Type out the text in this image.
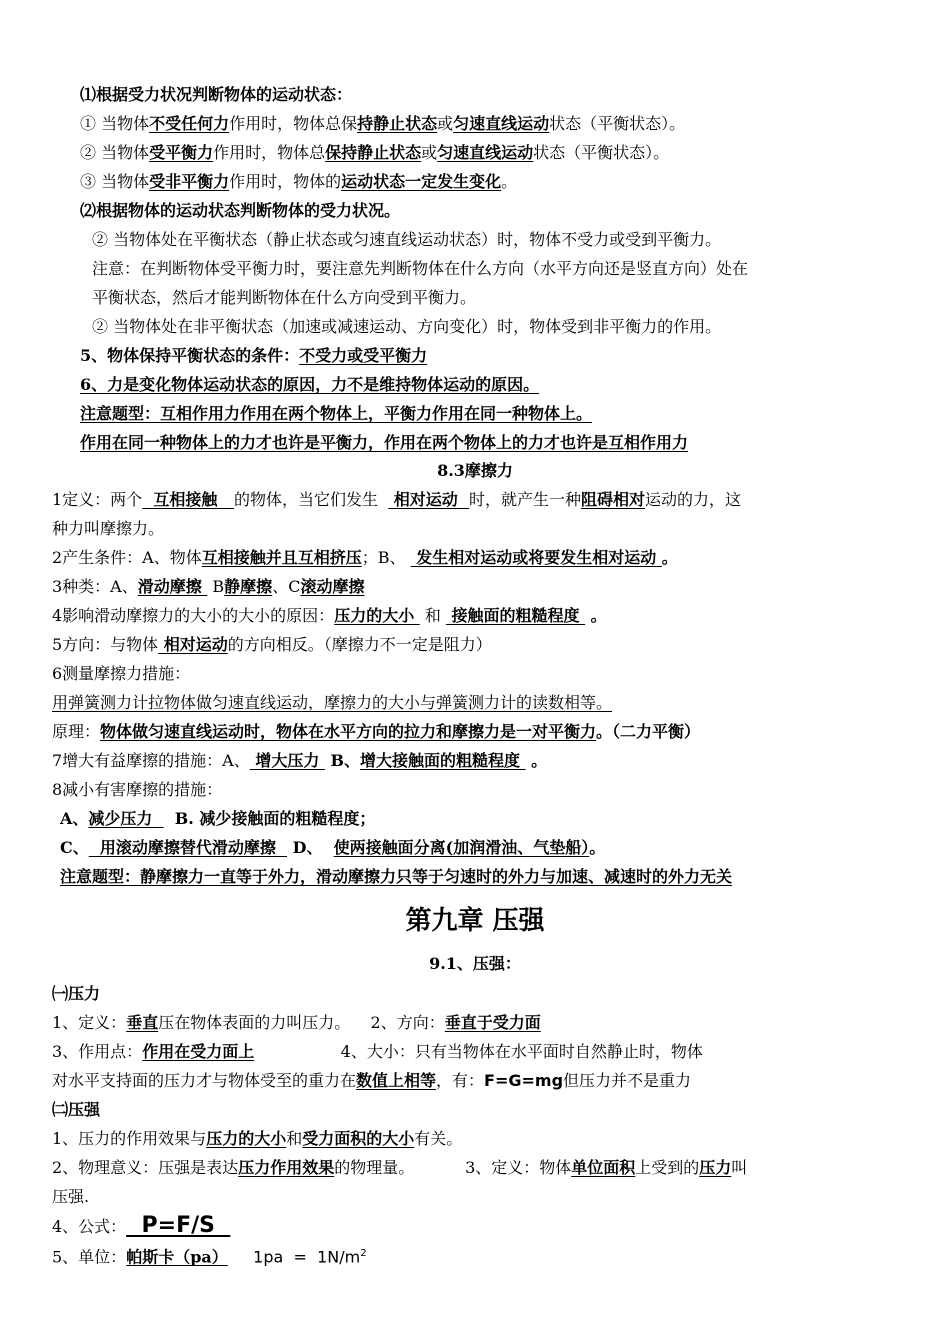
⑴根据受力状况判断物体的运动状态：
① 当物体不受任何力作用时，物体总保持静止状态或匀速直线运动状态（平衡状态）。
② 当物体受平衡力作用时，物体总保持静止状态或匀速直线运动状态（平衡状态）。
③ 当物体受非平衡力作用时，物体的运动状态一定发生变化。
⑵根据物体的运动状态判断物体的受力状况。
② 当物体处在平衡状态（静止状态或匀速直线运动状态）时，物体不受力或受到平衡力。
注意：在判断物体受平衡力时，要注意先判断物体在什么方向（水平方向还是竖直方向）处在
平衡状态，然后才能判断物体在什么方向受到平衡力。
② 当物体处在非平衡状态（加速或减速运动、方向变化）时，物体受到非平衡力的作用。
5、物体保持平衡状态的条件：不受力或受平衡力
6、力是变化物体运动状态的原因，力不是维持物体运动的原因。
注意题型：互相作用力作用在两个物体上，平衡力作用在同一种物体上。
作用在同一种物体上的力才也许是平衡力，作用在两个物体上的力才也许是互相作用力
8.3摩擦力
1定义：两个  互相接触   的物体，当它们发生   相对运动  时，就产生一种阻碍相对运动的力，这
种力叫摩擦力。
2产生条件：A、物体互相接触并且互相挤压；B、  发生相对运动或将要发生相对运动 。
3种类：A、滑动摩擦  B静摩擦、C滚动摩擦
4影响滑动摩擦力的大小的大小的原因：压力的大小  和  接触面的粗糙程度  。
5方向：与物体 相对运动的方向相反。（摩擦力不一定是阻力）
6测量摩擦力措施：
用弹簧测力计拉物体做匀速直线运动，摩擦力的大小与弹簧测力计的读数相等。
原理：物体做匀速直线运动时，物体在水平方向的拉力和摩擦力是一对平衡力。（二力平衡）
7增大有益摩擦的措施：A、 增大压力  B、增大接触面的粗糙程度  。
8减小有害摩擦的措施：
A、减少压力    B. 减少接触面的粗糙程度；
C、  用滚动摩擦替代滑动摩擦   D、  使两接触面分离(加润滑油、气垫船）。
注意题型：静摩擦力一直等于外力，滑动摩擦力只等于匀速时的外力与加速、减速时的外力无关
第九章 压强
9.1、压强：
㈠压力
1、定义：垂直压在物体表面的力叫压力。    2、方向：垂直于受力面
3、作用点：作用在受力面上                 4、大小：只有当物体在水平面时自然静止时，物体
对水平支持面的压力才与物体受至的重力在数值上相等，有：F=G=mg但压力并不是重力
㈡压强
1、压力的作用效果与压力的大小和受力面积的大小有关。
2、物理意义：压强是表达压力作用效果的物理量。          3、定义：物体单位面积上受到的压力叫
压强.
4、公式：  P=F/S
5、单位：帕斯卡（pa）     $1pa = 1N/m^2$
